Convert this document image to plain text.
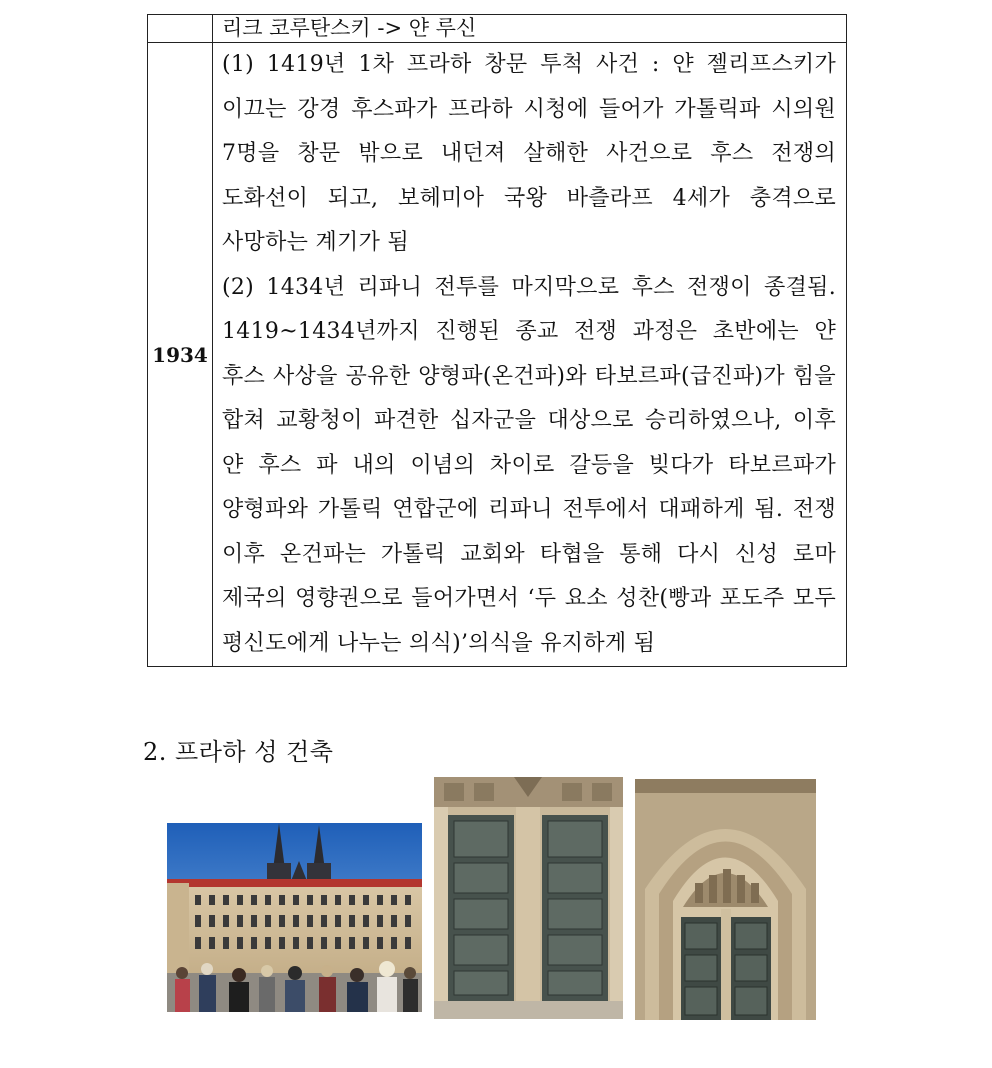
	리크 코루탄스키 -> 얀 루신
1934	(1) 1419년 1차 프라하 창문 투척 사건 : 얀 젤리프스키가 이끄는 강경 후스파가 프라하 시청에 들어가 가톨릭파 시의원 7명을 창문 밖으로 내던져 살해한 사건으로 후스 전쟁의 도화선이 되고, 보헤미아 국왕 바츨라프 4세가 충격으로 사망하는 계기가 됨

(2) 1434년 리파니 전투를 마지막으로 후스 전쟁이 종결됨. 1419~1434년까지 진행된 종교 전쟁 과정은 초반에는 얀 후스 사상을 공유한 양형파(온건파)와 타보르파(급진파)가 힘을 합쳐 교황청이 파견한 십자군을 대상으로 승리하였으나, 이후 얀 후스 파 내의 이념의 차이로 갈등을 빚다가 타보르파가 양형파와 가톨릭 연합군에 리파니 전투에서 대패하게 됨. 전쟁 이후 온건파는 가톨릭 교회와 타협을 통해 다시 신성 로마 제국의 영향권으로 들어가면서 ‘두 요소 성찬(빵과 포도주 모두 평신도에게 나누는 의식)’의식을 유지하게 됨

2. 프라하 성 건축
